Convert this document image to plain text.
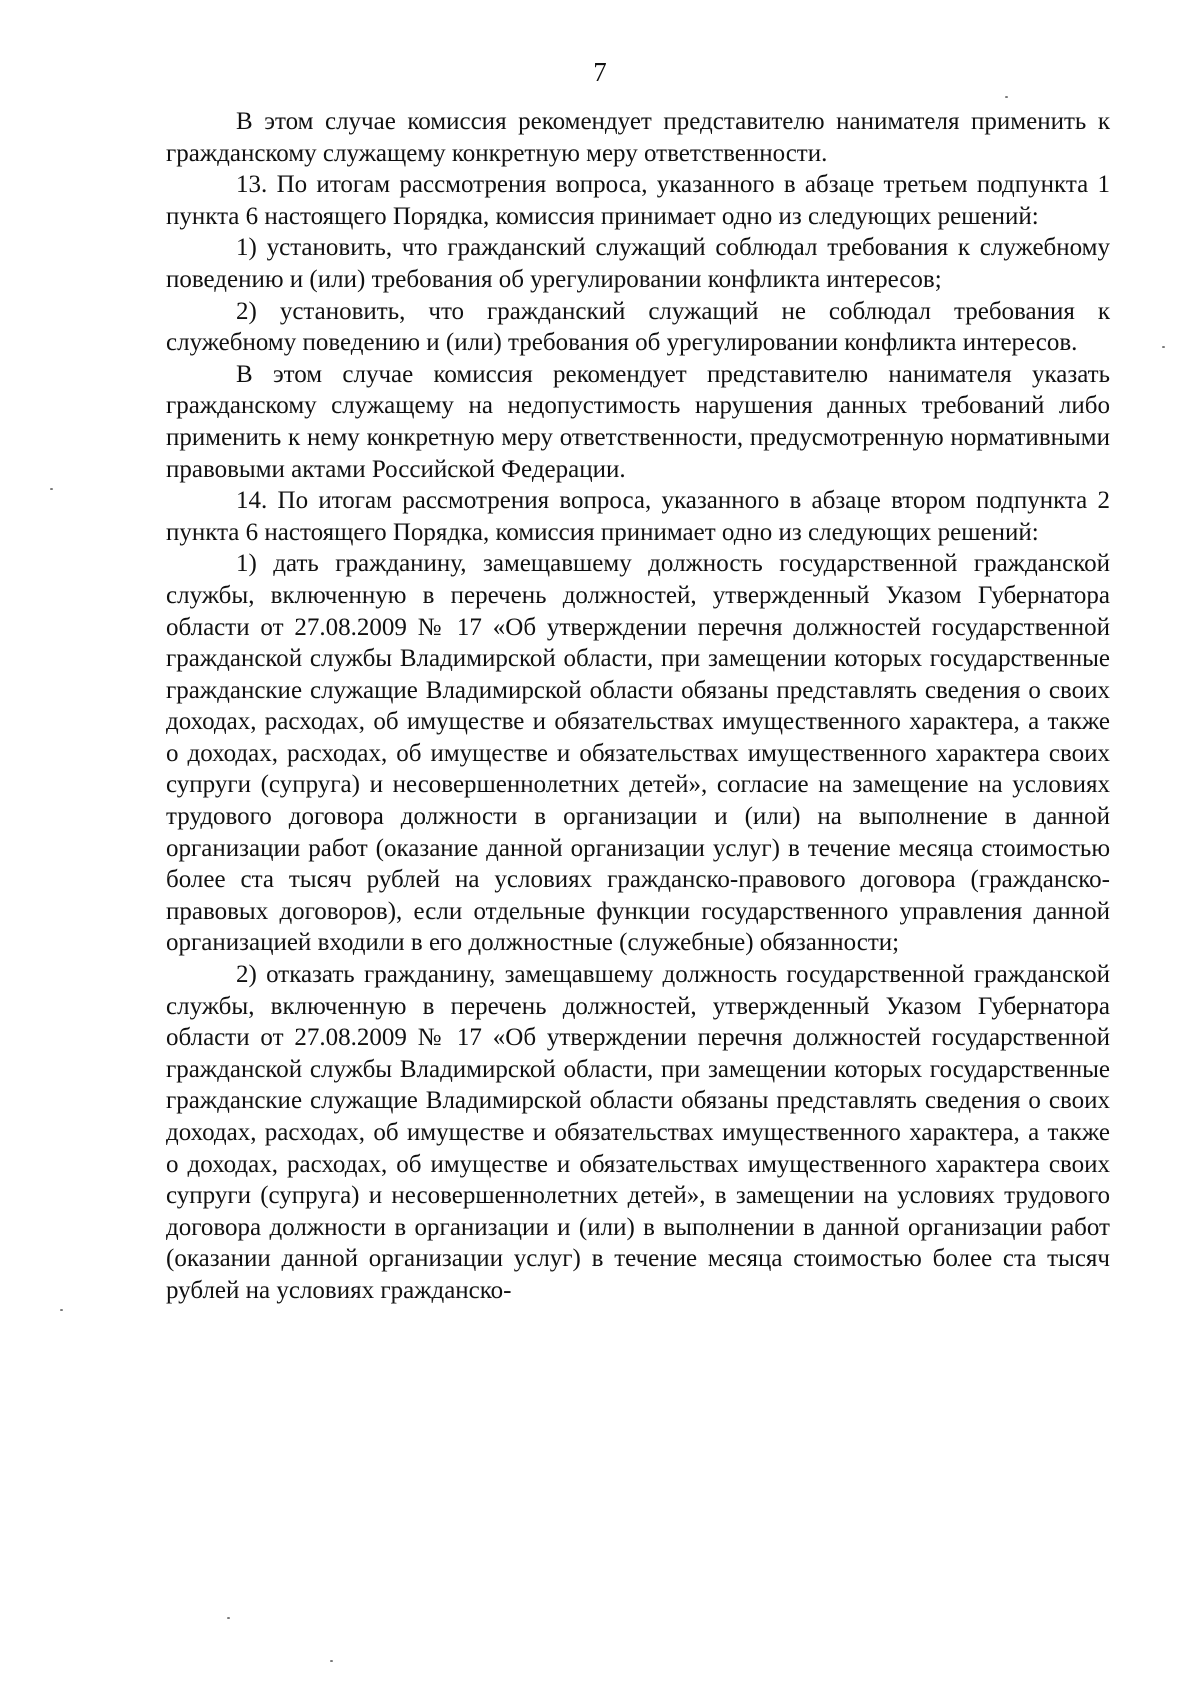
7

В этом случае комиссия рекомендует представителю нанимателя применить к гражданскому служащему конкретную меру ответственности.

13. По итогам рассмотрения вопроса, указанного в абзаце третьем подпункта 1 пункта 6 настоящего Порядка, комиссия принимает одно из следующих решений:

1) установить, что гражданский служащий соблюдал требования к служебному поведению и (или) требования об урегулировании конфликта интересов;

2) установить, что гражданский служащий не соблюдал требования к служебному поведению и (или) требования об урегулировании конфликта интересов.

В этом случае комиссия рекомендует представителю нанимателя указать гражданскому служащему на недопустимость нарушения данных требований либо применить к нему конкретную меру ответственности, предусмотренную нормативными правовыми актами Российской Федерации.

14. По итогам рассмотрения вопроса, указанного в абзаце втором подпункта 2 пункта 6 настоящего Порядка, комиссия принимает одно из следующих решений:

1) дать гражданину, замещавшему должность государственной гражданской службы, включенную в перечень должностей, утвержденный Указом Губернатора области от 27.08.2009 № 17 «Об утверждении перечня должностей государственной гражданской службы Владимирской области, при замещении которых государственные гражданские служащие Владимирской области обязаны представлять сведения о своих доходах, расходах, об имуществе и обязательствах имущественного характера, а также о доходах, расходах, об имуществе и обязательствах имущественного характера своих супруги (супруга) и несовершеннолетних детей», согласие на замещение на условиях трудового договора должности в организации и (или) на выполнение в данной организации работ (оказание данной организации услуг) в течение месяца стоимостью более ста тысяч рублей на условиях гражданско-правового договора (гражданско-правовых договоров), если отдельные функции государственного управления данной организацией входили в его должностные (служебные) обязанности;

2) отказать гражданину, замещавшему должность государственной гражданской службы, включенную в перечень должностей, утвержденный Указом Губернатора области от 27.08.2009 № 17 «Об утверждении перечня должностей государственной гражданской службы Владимирской области, при замещении которых государственные гражданские служащие Владимирской области обязаны представлять сведения о своих доходах, расходах, об имуществе и обязательствах имущественного характера, а также о доходах, расходах, об имуществе и обязательствах имущественного характера своих супруги (супруга) и несовершеннолетних детей», в замещении на условиях трудового договора должности в организации и (или) в выполнении в данной организации работ (оказании данной организации услуг) в течение месяца стоимостью более ста тысяч рублей на условиях гражданско-
